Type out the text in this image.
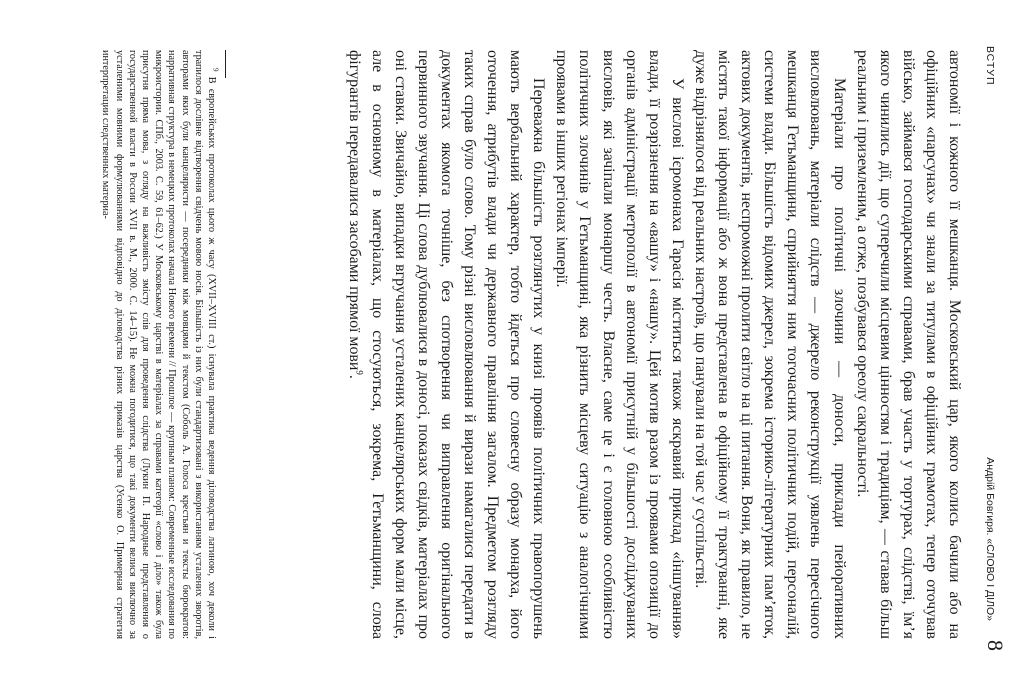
ВСТУП
Андрій Бовгиря. «СЛОВО І ДІЛО»
8

автономії і кожного її мешканця. Московський цар, якого колись бачили або на офіційних «парсунах» чи знали за титулами в офіційних грамотах, тепер оточував військо, займався господарськими справами, брав участь у тортурах, слідстві, їм’я якого чинились дії, що суперечили місцевим цінностям і традиціям, — ставав більш реальним і приземленим, а отже, позбувався ореолу сакральності.

Матеріали про політичні злочини — доноси, приклади пейоративних висловлювань, матеріали слідств — джерело реконструкції уявлень пересічного мешканця Гетьманщини, сприйняття ним тогочасних політичних подій, персоналій, системи влади. Більшість відомих джерел, зокрема історико-літературних пам’яток, актових документів, неспроможні пролити світло на ці питання. Вони, як правило, не містять такої інформації або ж вона представлена в офіційному її трактуванні, яке дуже відрізнялося від реальних настроїв, що панували на той час у суспільстві.

У вислові ієромонаха Гарасія міститься також яскравий приклад «іншування» влади, її розрізнення на «вашу» і «нашу». Цей мотив разом із проявами опозиції до органів адміністрації метрополії в автономії присутній у більшості досліджуваних висловів, які зачіпали монаршу честь. Власне, саме це і є головною особливістю політичних злочинів у Гетьманщині, яка різнить місцеву ситуацію з аналогічними проявами в інших регіонах імперії.

Переважна більшість розглянутих у книзі проявів політичних правопорушень мають вербальний характер, тобто йдеться про словесну образу монарха, його оточення, атрибутів влади чи державного правління загалом. Предметом розгляду таких справ було слово. Тому різні висловлювання й вирази намагалися передати в документах якомога точніше, без спотворення чи виправлення оригінального первинного звучання. Ці слова дублювалися в доносі, показах свідків, матеріалах про оні ставки. Звичайно, випадки вгручання усталених канцелярських форм мали місце, але в основному в матеріалах, що стосуються, зокрема, Гетьманщини, слова фігурантів передавалися засобами прямої мови$^9$.

$^9$ В європейських протоколах цього ж часу (XVII–XVIII ст.) існувала практика ведення діловодства латиною, хоч деколи і трапилося дослівне відтворення свідчень мовою носія. Більшість із них були стандартизовані з використанням усталених зворотів, авторами яких були канцеляристи — посередники між мовцями й текстом (Соболь А. Голоса крестьян и тексты бюрократов: нарративная структура в немецких протоколах начала Нового времени // Прошлое — крупным планом: Современные исследования по микроистории. СПб., 2003. С. 59, 61–62.) У Московському царстві в матеріалах за справами категорії «слово і діло» також була присутня пряма мова, з огляду на важливість змісту слів для проведення слідства (Лукин П. Народные представления о государственной власти в России XVII в. М., 2000. С. 14–15). Не можна погодитися, що такі документи велися виключно за усталеними мовними формулюваннями відповідно до діловодства різних приказів царства (Усенко О. Примерная стратегия интерпретации следственных материа-
